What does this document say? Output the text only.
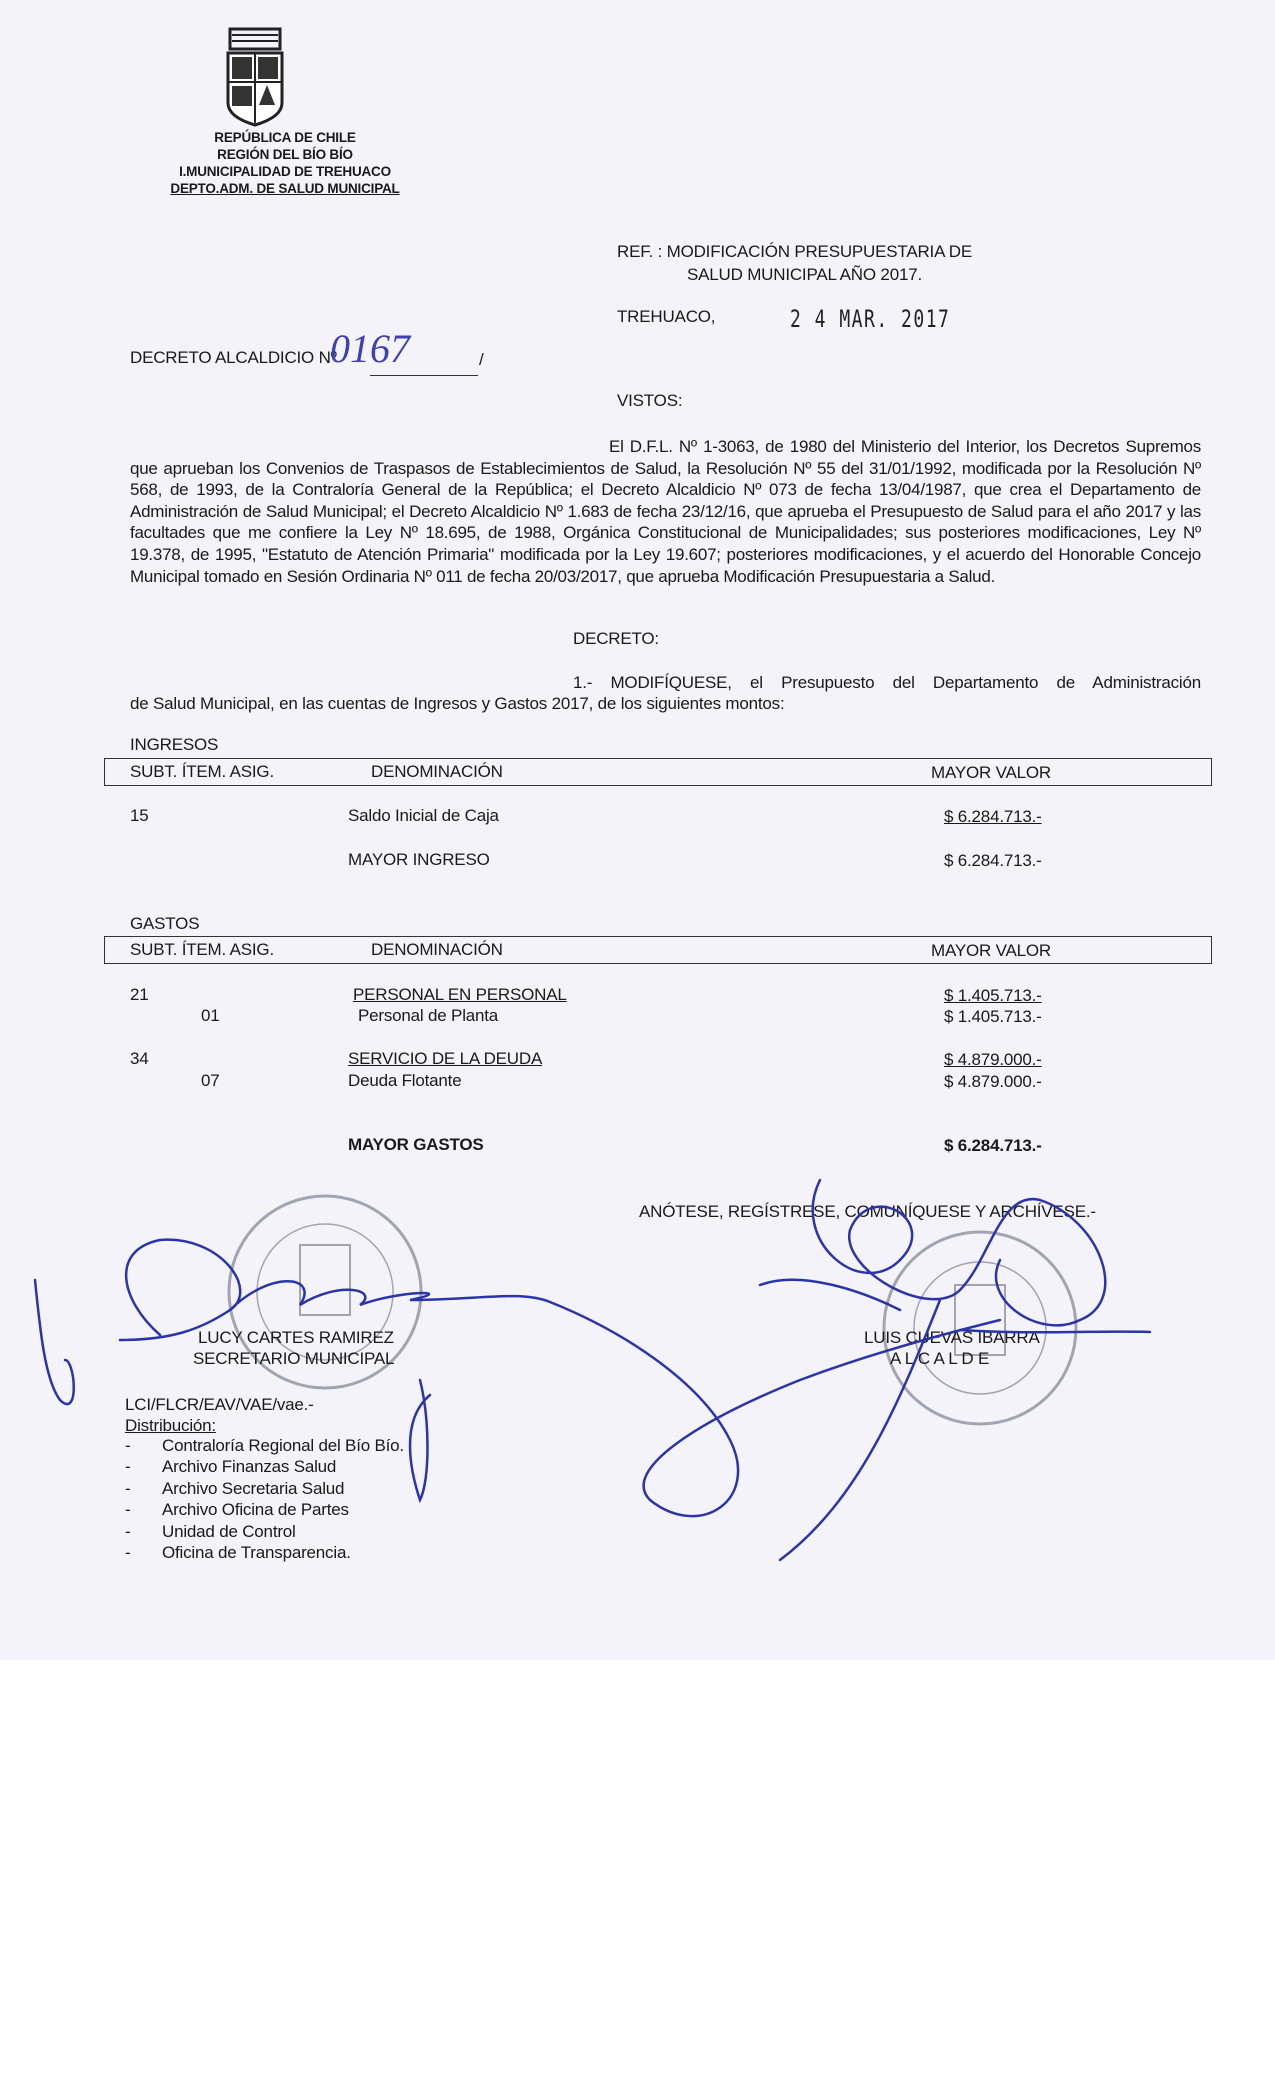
REPÚBLICA DE CHILE
REGIÓN DEL BÍO BÍO
I.MUNICIPALIDAD DE TREHUACO
DEPTO.ADM. DE SALUD MUNICIPAL
REF. : MODIFICACIÓN PRESUPUESTARIA DE
SALUD MUNICIPAL AÑO 2017.
TREHUACO,	2 4 MAR. 2017
DECRETO ALCALDICIO Nº
0167	/
VISTOS:
El D.F.L. Nº 1-3063, de 1980 del Ministerio del Interior, los Decretos Supremos que aprueban los Convenios de Traspasos de Establecimientos de Salud, la Resolución Nº 55 del 31/01/1992, modificada por la Resolución Nº 568, de 1993, de la Contraloría General de la República; el Decreto Alcaldicio Nº 073 de fecha 13/04/1987, que crea el Departamento de Administración de Salud Municipal; el Decreto Alcaldicio Nº 1.683 de fecha 23/12/16, que aprueba el Presupuesto de Salud para el año 2017 y las facultades que me confiere la Ley Nº 18.695, de 1988, Orgánica Constitucional de Municipalidades; sus posteriores modificaciones, Ley Nº 19.378, de 1995, "Estatuto de Atención Primaria" modificada por la Ley 19.607; posteriores modificaciones, y el acuerdo del Honorable Concejo Municipal tomado en Sesión Ordinaria Nº 011 de fecha 20/03/2017, que aprueba Modificación Presupuestaria a Salud.
DECRETO:
1.- MODIFÍQUESE, el Presupuesto del Departamento de Administración
de Salud Municipal, en las cuentas de Ingresos y Gastos 2017, de los siguientes montos:
INGRESOS
SUBT. ÍTEM. ASIG.	DENOMINACIÓN	MAYOR VALOR
15	Saldo Inicial de Caja	$ 6.284.713.-
MAYOR INGRESO	$ 6.284.713.-
GASTOS
SUBT. ÍTEM. ASIG.	DENOMINACIÓN	MAYOR VALOR
21	PERSONAL EN PERSONAL	$ 1.405.713.-
01	Personal de Planta	$ 1.405.713.-
34	SERVICIO DE LA DEUDA	$ 4.879.000.-
07	Deuda Flotante	$ 4.879.000.-
MAYOR GASTOS	$ 6.284.713.-
ANÓTESE, REGÍSTRESE, COMUNÍQUESE Y ARCHÍVESE.-
LUCY CARTES RAMIREZ
SECRETARIO MUNICIPAL
LUIS CUEVAS IBARRA
A L C A L D E
LCI/FLCR/EAV/VAE/vae.-
Distribución:
- Contraloría Regional del Bío Bío.
- Archivo Finanzas Salud
- Archivo Secretaria Salud
- Archivo Oficina de Partes
- Unidad de Control
- Oficina de Transparencia.
